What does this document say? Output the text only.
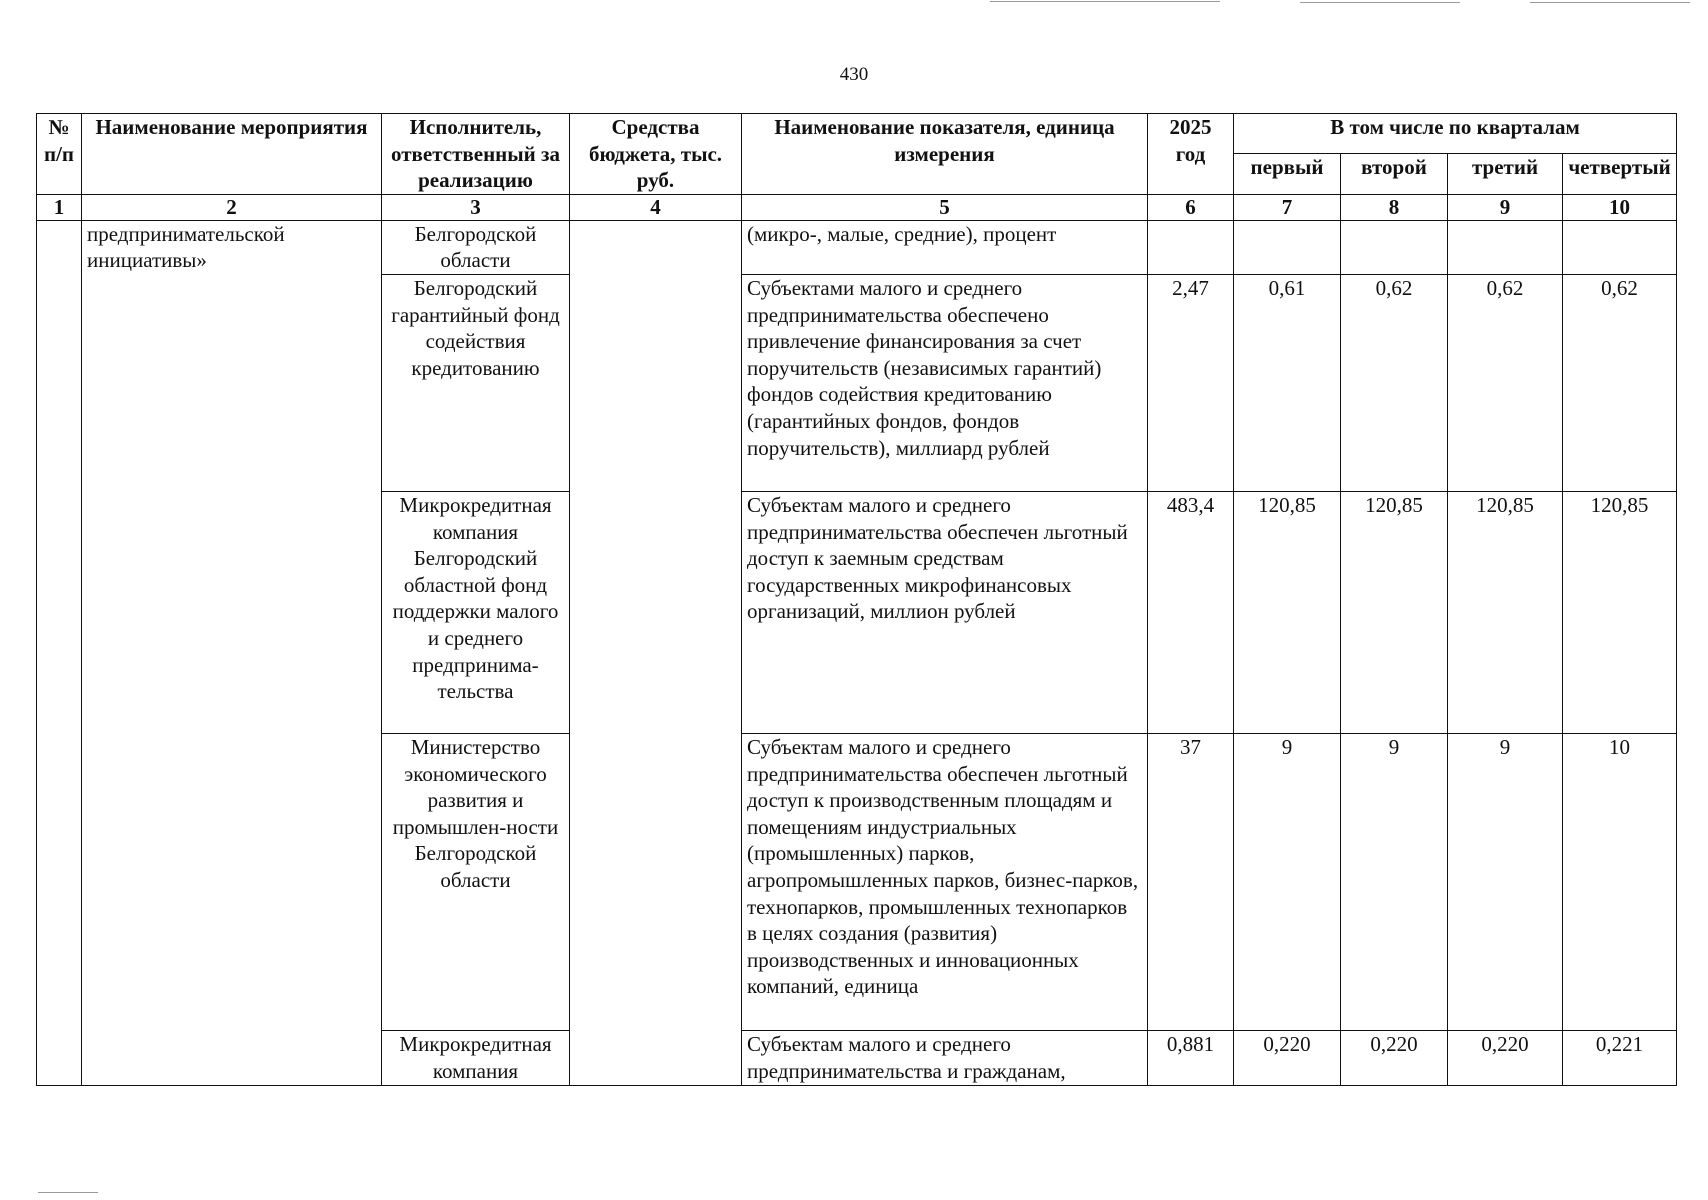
430
№ п/п	Наименование мероприятия	Исполнитель, ответственный за реализацию	Средства бюджета, тыс. руб.	Наименование показателя, единица измерения	2025 год	В том числе по кварталам			
						первый	второй	третий	четвертый
1	2	3	4	5	6	7	8	9	10
	предпринимательской инициативы»	Белгородской области		(микро-, малые, средние), процент					
		Белгородский гарантийный фонд содействия кредитованию		Субъектами малого и среднего предпринимательства обеспечено привлечение финансирования за счет поручительств (независимых гарантий) фондов содействия кредитованию (гарантийных фондов, фондов поручительств), миллиард рублей	2,47	0,61	0,62	0,62	0,62
		Микрокредитная компания Белгородский областной фонд поддержки малого и среднего предпринима-тельства		Субъектам малого и среднего предпринимательства обеспечен льготный доступ к заемным средствам государственных микрофинансовых организаций, миллион рублей	483,4	120,85	120,85	120,85	120,85
		Министерство экономического развития и промышлен-ности Белгородской области		Субъектам малого и среднего предпринимательства обеспечен льготный доступ к производственным площадям и помещениям индустриальных (промышленных) парков, агропромышленных парков, бизнес-парков, технопарков, промышленных технопарков в целях создания (развития) производственных и инновационных компаний, единица	37	9	9	9	10
		Микрокредитная компания		Субъектам малого и среднего предпринимательства и гражданам,	0,881	0,220	0,220	0,220	0,221
